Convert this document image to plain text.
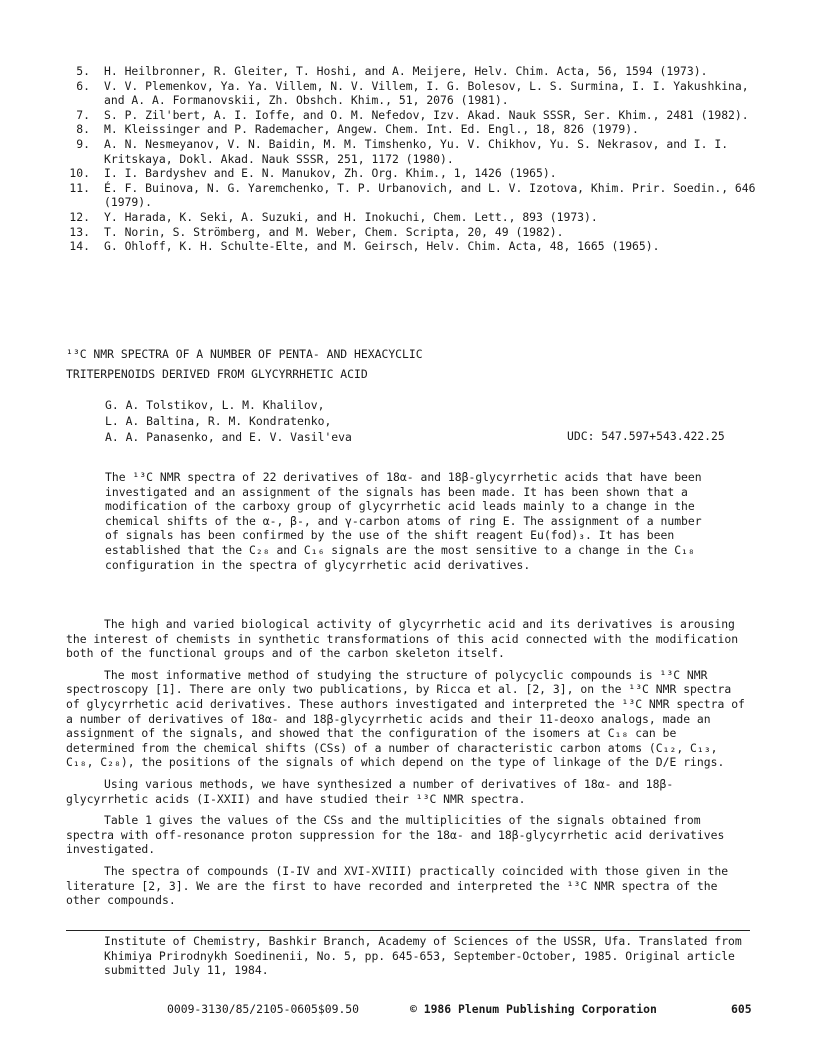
5. H. Heilbronner, R. Gleiter, T. Hoshi, and A. Meijere, Helv. Chim. Acta, 56, 1594 (1973).

6. V. V. Plemenkov, Ya. Ya. Villem, N. V. Villem, I. G. Bolesov, L. S. Surmina, I. I. Yakushkina, and A. A. Formanovskii, Zh. Obshch. Khim., 51, 2076 (1981).

7. S. P. Zil'bert, A. I. Ioffe, and O. M. Nefedov, Izv. Akad. Nauk SSSR, Ser. Khim., 2481 (1982).

8. M. Kleissinger and P. Rademacher, Angew. Chem. Int. Ed. Engl., 18, 826 (1979).

9. A. N. Nesmeyanov, V. N. Baidin, M. M. Timshenko, Yu. V. Chikhov, Yu. S. Nekrasov, and I. I. Kritskaya, Dokl. Akad. Nauk SSSR, 251, 1172 (1980).

10. I. I. Bardyshev and E. N. Manukov, Zh. Org. Khim., 1, 1426 (1965).

11. É. F. Buinova, N. G. Yaremchenko, T. P. Urbanovich, and L. V. Izotova, Khim. Prir. Soedin., 646 (1979).

12. Y. Harada, K. Seki, A. Suzuki, and H. Inokuchi, Chem. Lett., 893 (1973).

13. T. Norin, S. Strömberg, and M. Weber, Chem. Scripta, 20, 49 (1982).

14. G. Ohloff, K. H. Schulte-Elte, and M. Geirsch, Helv. Chim. Acta, 48, 1665 (1965).

¹³C NMR SPECTRA OF A NUMBER OF PENTA- AND HEXACYCLIC
TRITERPENOIDS DERIVED FROM GLYCYRRHETIC ACID
G. A. Tolstikov, L. M. Khalilov,
L. A. Baltina, R. M. Kondratenko,
A. A. Panasenko, and E. V. Vasil'eva	UDC: 547.597+543.422.25

The ¹³C NMR spectra of 22 derivatives of 18α- and 18β-glycyrrhetic acids that have been investigated and an assignment of the signals has been made. It has been shown that a modification of the carboxy group of glycyrrhetic acid leads mainly to a change in the chemical shifts of the α-, β-, and γ-carbon atoms of ring E. The assignment of a number of signals has been confirmed by the use of the shift reagent Eu(fod)₃. It has been established that the C₂₈ and C₁₆ signals are the most sensitive to a change in the C₁₈ configuration in the spectra of glycyrrhetic acid derivatives.

The high and varied biological activity of glycyrrhetic acid and its derivatives is arousing the interest of chemists in synthetic transformations of this acid connected with the modification both of the functional groups and of the carbon skeleton itself.

The most informative method of studying the structure of polycyclic compounds is ¹³C NMR spectroscopy [1]. There are only two publications, by Ricca et al. [2, 3], on the ¹³C NMR spectra of glycyrrhetic acid derivatives. These authors investigated and interpreted the ¹³C NMR spectra of a number of derivatives of 18α- and 18β-glycyrrhetic acids and their 11-deoxo analogs, made an assignment of the signals, and showed that the configuration of the isomers at C₁₈ can be determined from the chemical shifts (CSs) of a number of characteristic carbon atoms (C₁₂, C₁₃, C₁₈, C₂₈), the positions of the signals of which depend on the type of linkage of the D/E rings.

Using various methods, we have synthesized a number of derivatives of 18α- and 18β-glycyrrhetic acids (I-XXII) and have studied their ¹³C NMR spectra.

Table 1 gives the values of the CSs and the multiplicities of the signals obtained from spectra with off-resonance proton suppression for the 18α- and 18β-glycyrrhetic acid derivatives investigated.

The spectra of compounds (I-IV and XVI-XVIII) practically coincided with those given in the literature [2, 3]. We are the first to have recorded and interpreted the ¹³C NMR spectra of the other compounds.

Institute of Chemistry, Bashkir Branch, Academy of Sciences of the USSR, Ufa. Translated from Khimiya Prirodnykh Soedinenii, No. 5, pp. 645-653, September-October, 1985. Original article submitted July 11, 1984.

0009-3130/85/2105-0605$09.50	© 1986 Plenum Publishing Corporation	605
